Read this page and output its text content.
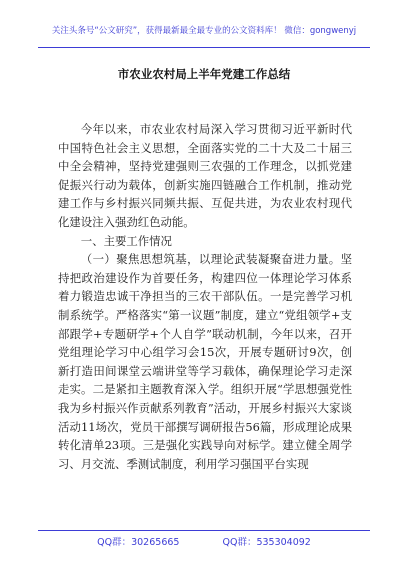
关注头条号“公文研究”，获得最新最全最专业的公文资料库！ 微信：gongwenyj
市农业农村局上半年党建工作总结

今年以来，市农业农村局深入学习贯彻习近平新时代中国特色社会主义思想，全面落实党的二十大及二十届三中全会精神，坚持党建强则三农强的工作理念，以抓党建促振兴行动为载体，创新实施四链融合工作机制，推动党建工作与乡村振兴同频共振、互促共进，为农业农村现代化建设注入强劲红色动能。

一、主要工作情况

（一）聚焦思想筑基，以理论武装凝聚奋进力量。坚持把政治建设作为首要任务，构建四位一体理论学习体系着力锻造忠诚干净担当的三农干部队伍。一是完善学习机制系统学。严格落实“第一议题”制度，建立“党组领学+支部跟学+专题研学+个人自学”联动机制，今年以来，召开党组理论学习中心组学习会15次，开展专题研讨9次，创新打造田间课堂云端讲堂等学习载体，确保理论学习走深走实。二是紧扣主题教育深入学。组织开展“学思想强党性我为乡村振兴作贡献系列教育”活动，开展乡村振兴大家谈活动11场次，党员干部撰写调研报告56篇，形成理论成果转化清单23项。三是强化实践导向对标学。建立健全周学习、月交流、季测试制度，利用学习强国平台实现

QQ群：30265665	QQ群：535304092
